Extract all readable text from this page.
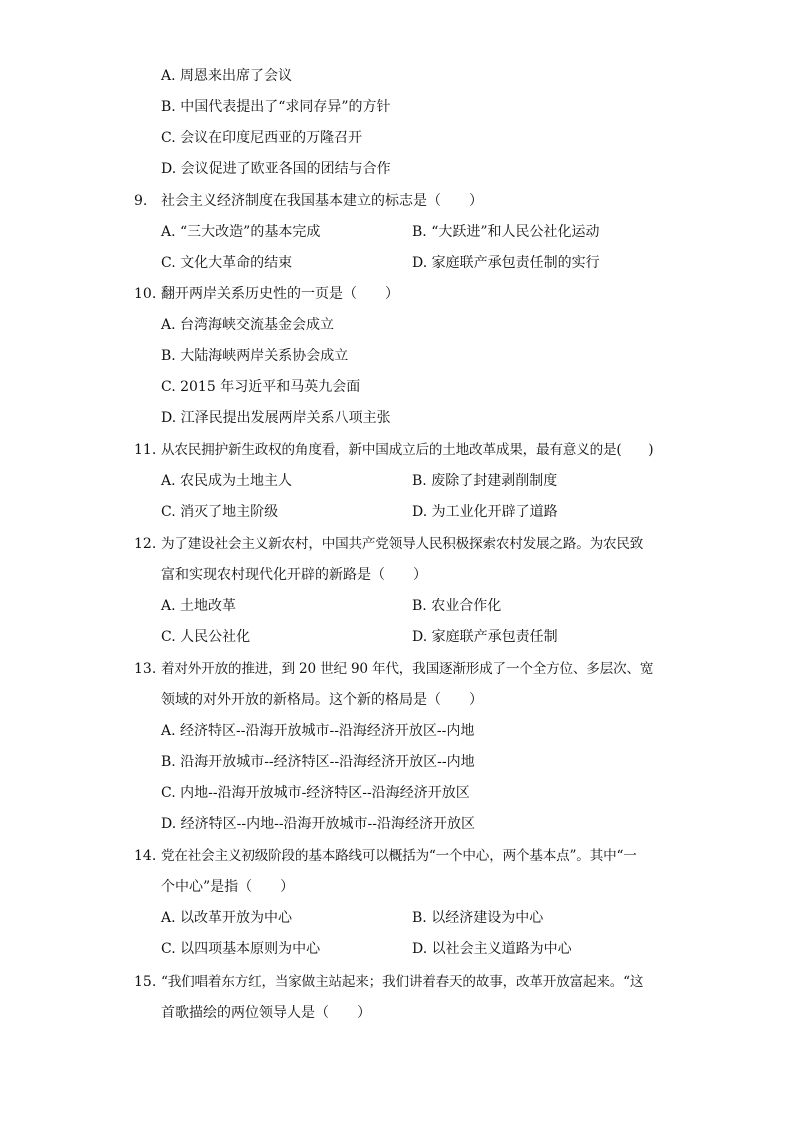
A. 周恩来出席了会议
B. 中国代表提出了“求同存异”的方针
C. 会议在印度尼西亚的万隆召开
D. 会议促进了欧亚各国的团结与合作
9. 社会主义经济制度在我国基本建立的标志是（　　）
A. “三大改造”的基本完成	B. “大跃进”和人民公社化运动
C. 文化大革命的结束	D. 家庭联产承包责任制的实行
10. 翻开两岸关系历史性的一页是（　　）
A. 台湾海峡交流基金会成立
B. 大陆海峡两岸关系协会成立
C. 2015 年习近平和马英九会面
D. 江泽民提出发展两岸关系八项主张
11. 从农民拥护新生政权的角度看，新中国成立后的土地改革成果，最有意义的是(　　)
A. 农民成为土地主人	B. 废除了封建剥削制度
C. 消灭了地主阶级	D. 为工业化开辟了道路
12. 为了建设社会主义新农村，中国共产党领导人民积极探索农村发展之路。为农民致
富和实现农村现代化开辟的新路是（　　）
A. 土地改革	B. 农业合作化
C. 人民公社化	D. 家庭联产承包责任制
13. 着对外开放的推进，到 20 世纪 90 年代，我国逐渐形成了一个全方位、多层次、宽
领域的对外开放的新格局。这个新的格局是（　　）
A. 经济特区--沿海开放城市--沿海经济开放区--内地
B. 沿海开放城市--经济特区--沿海经济开放区--内地
C. 内地--沿海开放城市-经济特区--沿海经济开放区
D. 经济特区--内地--沿海开放城市--沿海经济开放区
14. 党在社会主义初级阶段的基本路线可以概括为“一个中心，两个基本点”。其中“一
个中心”是指（　　）
A. 以改革开放为中心	B. 以经济建设为中心
C. 以四项基本原则为中心	D. 以社会主义道路为中心
15. “我们唱着东方红，当家做主站起来；我们讲着春天的故事，改革开放富起来。“这
首歌描绘的两位领导人是（　　）
